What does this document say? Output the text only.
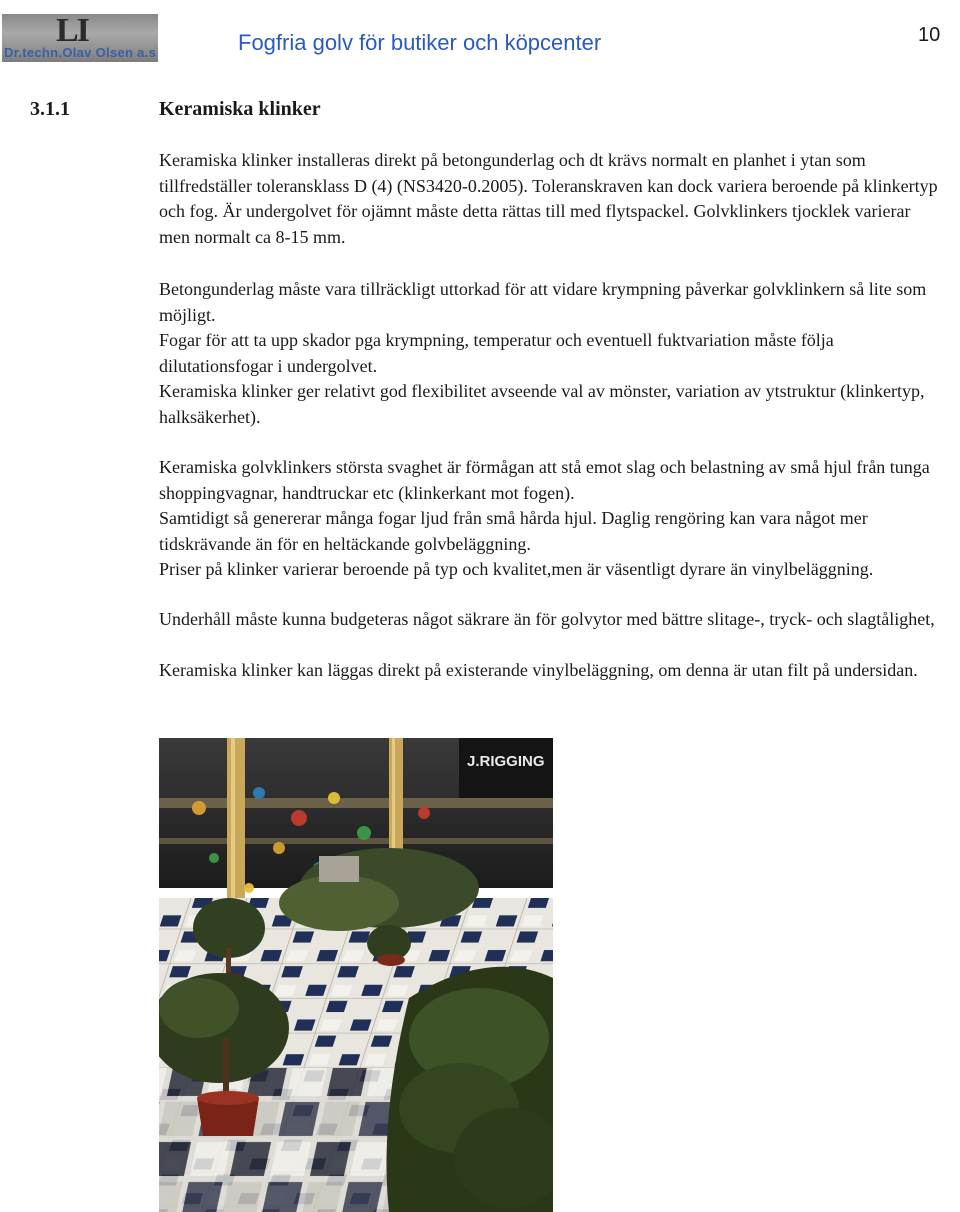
LI
Dr.techn.Olav Olsen a.s	Fogfria golv för butiker och köpcenter	10
3.1.1	Keramiska klinker

Keramiska klinker installeras direkt på betongunderlag och dt krävs normalt en planhet i ytan som tillfredställer toleransklass D (4) (NS3420-0.2005). Toleranskraven kan dock variera beroende på klinkertyp och fog. Är undergolvet för ojämnt måste detta rättas till med flytspackel. Golvklinkers tjocklek varierar men normalt ca 8-15 mm.

Betongunderlag måste vara tillräckligt uttorkad för att vidare krympning påverkar golvklinkern så lite som möjligt.

Fogar för att ta upp skador pga krympning, temperatur och eventuell fuktvariation måste följa dilutationsfogar i undergolvet.

Keramiska klinker ger relativt god flexibilitet avseende val av mönster, variation av ytstruktur (klinkertyp, halksäkerhet).

Keramiska golvklinkers största svaghet är förmågan att stå emot slag och belastning av små hjul från tunga shoppingvagnar, handtruckar etc (klinkerkant mot fogen).

Samtidigt så genererar många fogar ljud från små hårda hjul. Daglig rengöring kan vara något mer tidskrävande än för en heltäckande golvbeläggning.

Priser på klinker varierar beroende på typ och kvalitet,men är väsentligt dyrare än vinylbeläggning.

Underhåll måste kunna budgeteras något säkrare än för golvytor med bättre slitage-, tryck- och slagtålighet,

Keramiska klinker kan läggas direkt på existerande vinylbeläggning, om denna är utan filt på undersidan.

J.RIGGING
